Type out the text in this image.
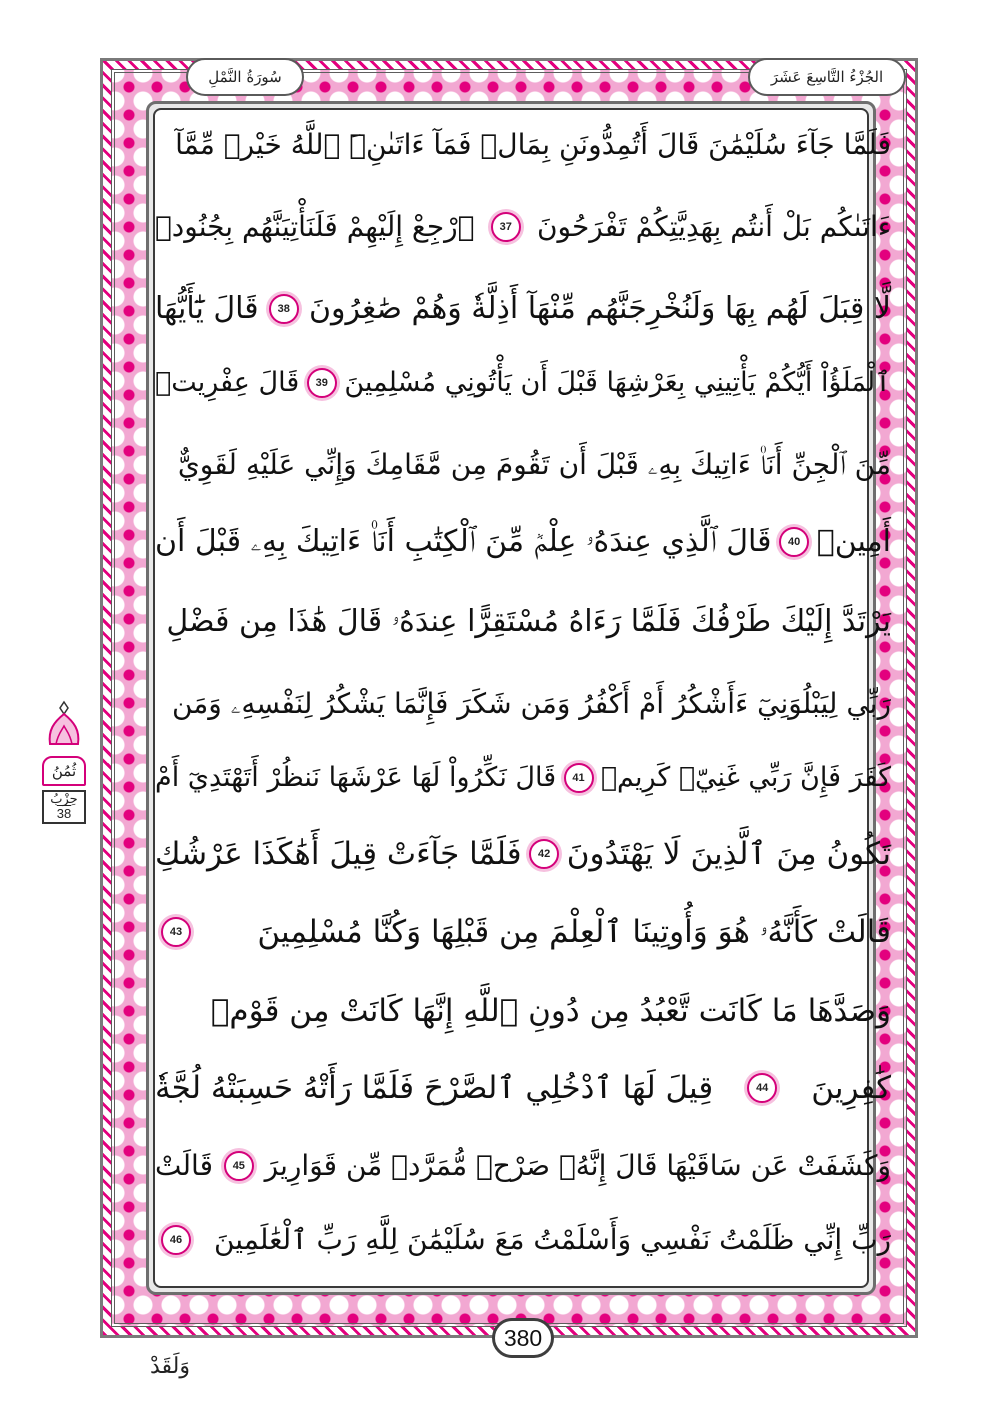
الجُزْءُ التَّاسِعَ عَشَرَ
سُورَةُ النَّمْلِ
فَلَمَّا جَآءَ سُلَيْمَٰنَ قَالَ أَتُمِدُّونَنِ بِمَالٖ فَمَآ ءَاتَىٰنِۦَ ٱللَّهُ خَيْرٞ مِّمَّآ
ءَاتَىٰكُم بَلْ أَنتُم بِهَدِيَّتِكُمْ تَفْرَحُونَ
37
ٱرْجِعْ إِلَيْهِمْ فَلَنَأْتِيَنَّهُم بِجُنُودٖ
لَّا قِبَلَ لَهُم بِهَا وَلَنُخْرِجَنَّهُم مِّنْهَآ أَذِلَّةٗ وَهُمْ صَٰغِرُونَ
38
قَالَ يَٰٓأَيُّهَا
ٱلْمَلَؤُاْ أَيُّكُمْ يَأْتِينِي بِعَرْشِهَا قَبْلَ أَن يَأْتُونِي مُسْلِمِينَ
39
قَالَ عِفْرِيتٞ
مِّنَ ٱلْجِنِّ أَنَا۠ ءَاتِيكَ بِهِۦ قَبْلَ أَن تَقُومَ مِن مَّقَامِكَ وَإِنِّي عَلَيْهِ لَقَوِيٌّ
أَمِينٞ
40
قَالَ ٱلَّذِي عِندَهُۥ عِلْمٞ مِّنَ ٱلْكِتَٰبِ أَنَا۠ ءَاتِيكَ بِهِۦ قَبْلَ أَن
يَرْتَدَّ إِلَيْكَ طَرْفُكَ فَلَمَّا رَءَاهُ مُسْتَقِرًّا عِندَهُۥ قَالَ هَٰذَا مِن فَضْلِ
رَبِّي لِيَبْلُوَنِيٓ ءَأَشْكُرُ أَمْ أَكْفُرُ وَمَن شَكَرَ فَإِنَّمَا يَشْكُرُ لِنَفْسِهِۦ وَمَن
كَفَرَ فَإِنَّ رَبِّي غَنِيّٞ كَرِيمٞ
41
قَالَ نَكِّرُواْ لَهَا عَرْشَهَا نَنظُرْ أَتَهْتَدِيٓ أَمْ
تَكُونُ مِنَ ٱلَّذِينَ لَا يَهْتَدُونَ
42
فَلَمَّا جَآءَتْ قِيلَ أَهَٰكَذَا عَرْشُكِ
قَالَتْ كَأَنَّهُۥ هُوَ وَأُوتِينَا ٱلْعِلْمَ مِن قَبْلِهَا وَكُنَّا مُسْلِمِينَ
43
وَصَدَّهَا مَا كَانَت تَّعْبُدُ مِن دُونِ ٱللَّهِ إِنَّهَا كَانَتْ مِن قَوْمٖ
كَٰفِرِينَ
44
قِيلَ لَهَا ٱدْخُلِي ٱلصَّرْحَ فَلَمَّا رَأَتْهُ حَسِبَتْهُ لُجَّةٗ
وَكَشَفَتْ عَن سَاقَيْهَا قَالَ إِنَّهُۥ صَرْحٞ مُّمَرَّدٞ مِّن قَوَارِيرَ
45
قَالَتْ
رَبِّ إِنِّي ظَلَمْتُ نَفْسِي وَأَسْلَمْتُ مَعَ سُلَيْمَٰنَ لِلَّهِ رَبِّ ٱلْعَٰلَمِينَ
46
ثُمُنُ
حِزْبُ
38
380
وَلَقَدْ
